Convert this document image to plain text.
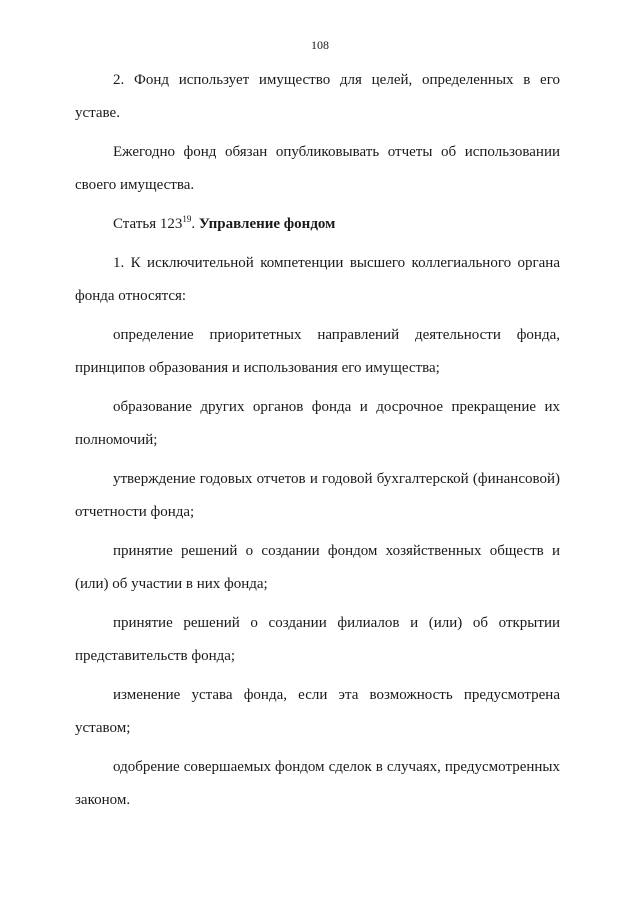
108

2. Фонд использует имущество для целей, определенных в его уставе.

Ежегодно фонд обязан опубликовывать отчеты об использовании своего имущества.

Статья $123^{19}$. Управление фондом

1. К исключительной компетенции высшего коллегиального органа фонда относятся:

определение приоритетных направлений деятельности фонда, принципов образования и использования его имущества;

образование других органов фонда и досрочное прекращение их полномочий;

утверждение годовых отчетов и годовой бухгалтерской (финансовой) отчетности фонда;

принятие решений о создании фондом хозяйственных обществ и (или) об участии в них фонда;

принятие решений о создании филиалов и (или) об открытии представительств фонда;

изменение устава фонда, если эта возможность предусмотрена уставом;

одобрение совершаемых фондом сделок в случаях, предусмотренных законом.
